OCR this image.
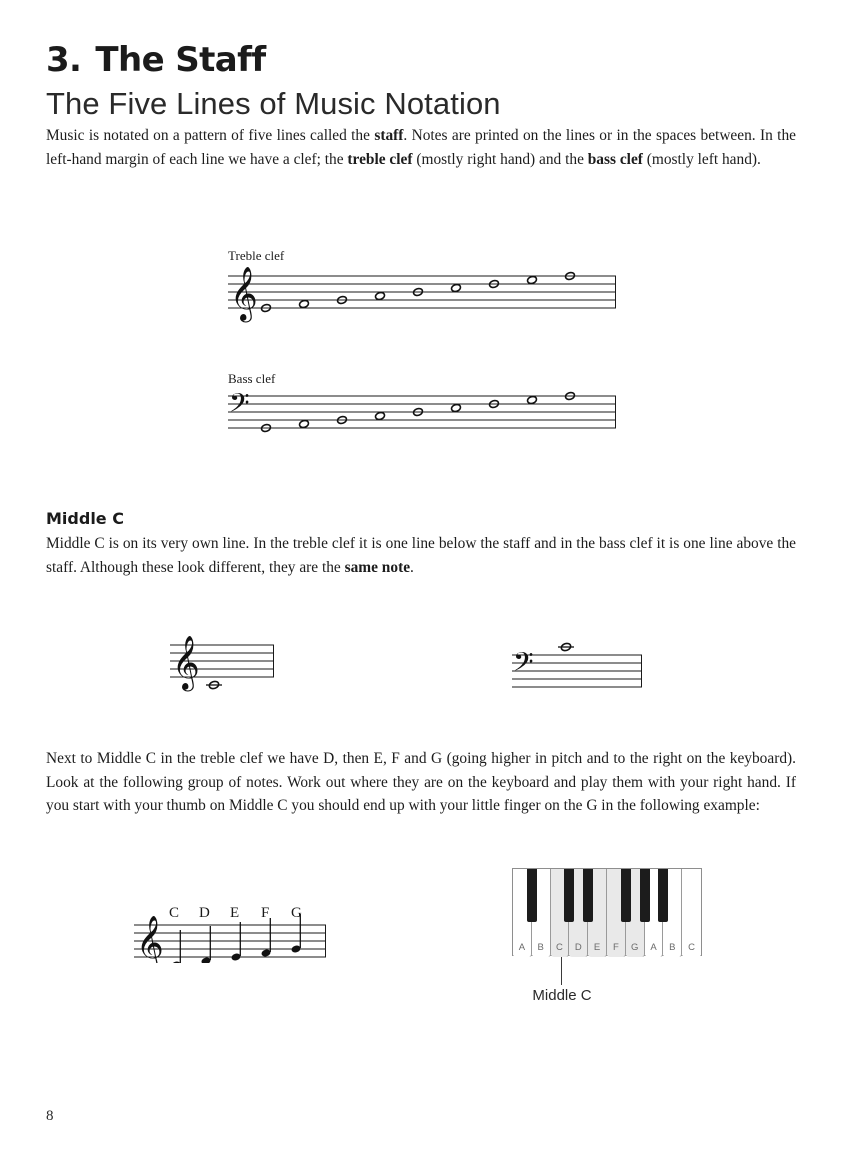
3. The Staff
The Five Lines of Music Notation
Music is notated on a pattern of five lines called the staff. Notes are printed on the lines or in the spaces between. In the left-hand margin of each line we have a clef; the treble clef (mostly right hand) and the bass clef (mostly left hand).
Treble clef
𝄞
Bass clef
𝄢
Middle C
Middle C is on its very own line. In the treble clef it is one line below the staff and in the bass clef it is one line above the staff. Although these look different, they are the same note.
𝄞	𝄢
Next to Middle C in the treble clef we have D, then E, F and G (going higher in pitch and to the right on the keyboard). Look at the following group of notes. Work out where they are on the keyboard and play them with your right hand. If you start with your thumb on Middle C you should end up with your little finger on the G in the following example:
𝄞
C D E F G
A	B	C	D	E	F	G	A	B	C
Middle C
8
